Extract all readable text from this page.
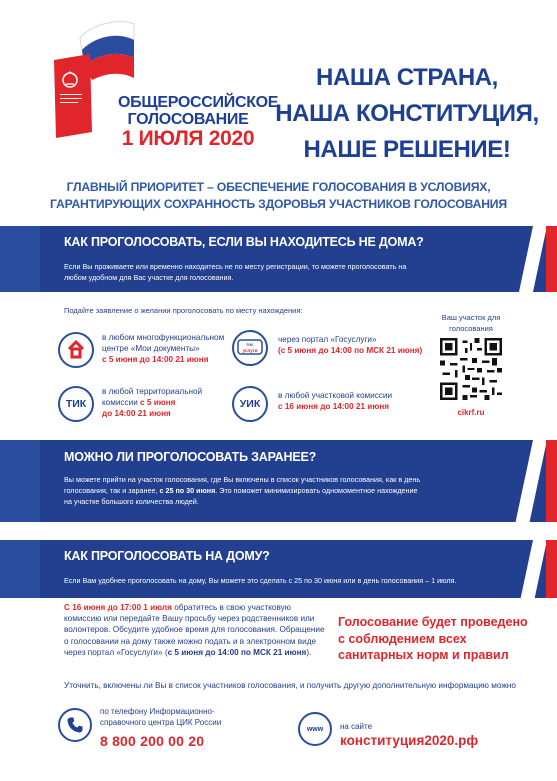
ОБЩЕРОССИЙСКОЕ
ГОЛОСОВАНИЕ
1 ИЮЛЯ 2020
НАША СТРАНА,
НАША КОНСТИТУЦИЯ,
НАШЕ РЕШЕНИЕ!
ГЛАВНЫЙ ПРИОРИТЕТ – ОБЕСПЕЧЕНИЕ ГОЛОСОВАНИЯ В УСЛОВИЯХ, ГАРАНТИРУЮЩИХ СОХРАННОСТЬ ЗДОРОВЬЯ УЧАСТНИКОВ ГОЛОСОВАНИЯ
КАК ПРОГОЛОСОВАТЬ, ЕСЛИ ВЫ НАХОДИТЕСЬ НЕ ДОМА?
Если Вы проживаете или временно находитесь не по месту регистрации, то можете проголосовать на любом удобном для Вас участке для голосования.
Подайте заявление о желании проголосовать по месту нахождения:
в любом многофункциональном центре «Мои документы»
с 5 июня до 14:00 21 июня
гос
услуги
через портал «Госуслуги»
(с 5 июня до 14:00 по МСК 21 июня)
ТИК
в любой территориальной комиссии с 5 июня
до 14:00 21 июня
УИК
в любой участковой комиссии
с 16 июня до 14:00 21 июня
Ваш участок для голосования
cikrf.ru
МОЖНО ЛИ ПРОГОЛОСОВАТЬ ЗАРАНЕЕ?
Вы можете прийти на участок голосования, где Вы включены в список участников голосования, как в день голосования, так и заранее, с 25 по 30 июня. Это поможет минимизировать одномоментное нахождение на участке большого количества людей.
КАК ПРОГОЛОСОВАТЬ НА ДОМУ?
Если Вам удобнее проголосовать на дому, Вы можете это сделать с 25 по 30 июня или в день голосования – 1 июля.
С 16 июня до 17:00 1 июля обратитесь в свою участковую комиссию или передайте Вашу просьбу через родственников или волонтеров. Обсудите удобное время для голосования. Обращение о голосовании на дому также можно подать и в электронном виде через портал «Госуслуги» (с 5 июня до 14:00 по МСК 21 июня).
Голосование будет проведено с соблюдением всех санитарных норм и правил
Уточнить, включены ли Вы в список участников голосования, и получить другую дополнительную информацию можно
по телефону Информационно-справочного центра ЦИК России
8 800 200 00 20
www	на сайте
конституция2020.рф
